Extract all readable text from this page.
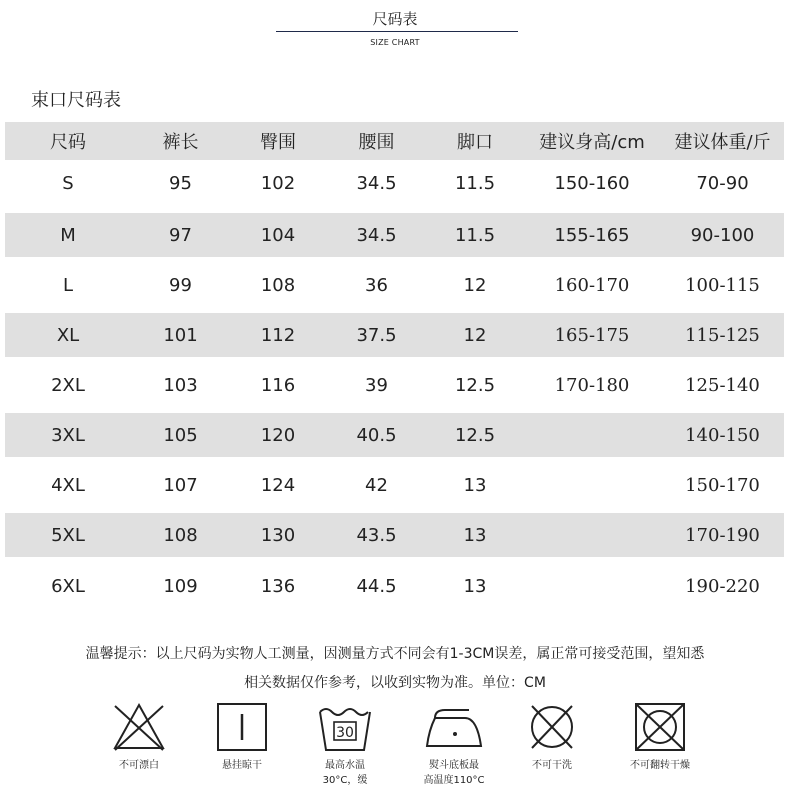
尺码表
SIZE CHART
束口尺码表
尺码	裤长	臀围	腰围	脚口	建议身高/cm	建议体重/斤
S	95	102	34.5	11.5	150-160	70-90
M	97	104	34.5	11.5	155-165	90-100
L	99	108	36	12	160-170	100-115
XL	101	112	37.5	12	165-175	115-125
2XL	103	116	39	12.5	170-180	125-140
3XL	105	120	40.5	12.5		140-150
4XL	107	124	42	13		150-170
5XL	108	130	43.5	13		170-190
6XL	109	136	44.5	13		190-220
温馨提示：以上尺码为实物人工测量，因测量方式不同会有1-3CM误差，属正常可接受范围，望知悉
相关数据仅作参考，以收到实物为准。单位：CM
不可漂白	悬挂晾干
30
最高水温
30°C，缓
熨斗底板最
高温度110°C
不可干洗	不可翻转干燥
